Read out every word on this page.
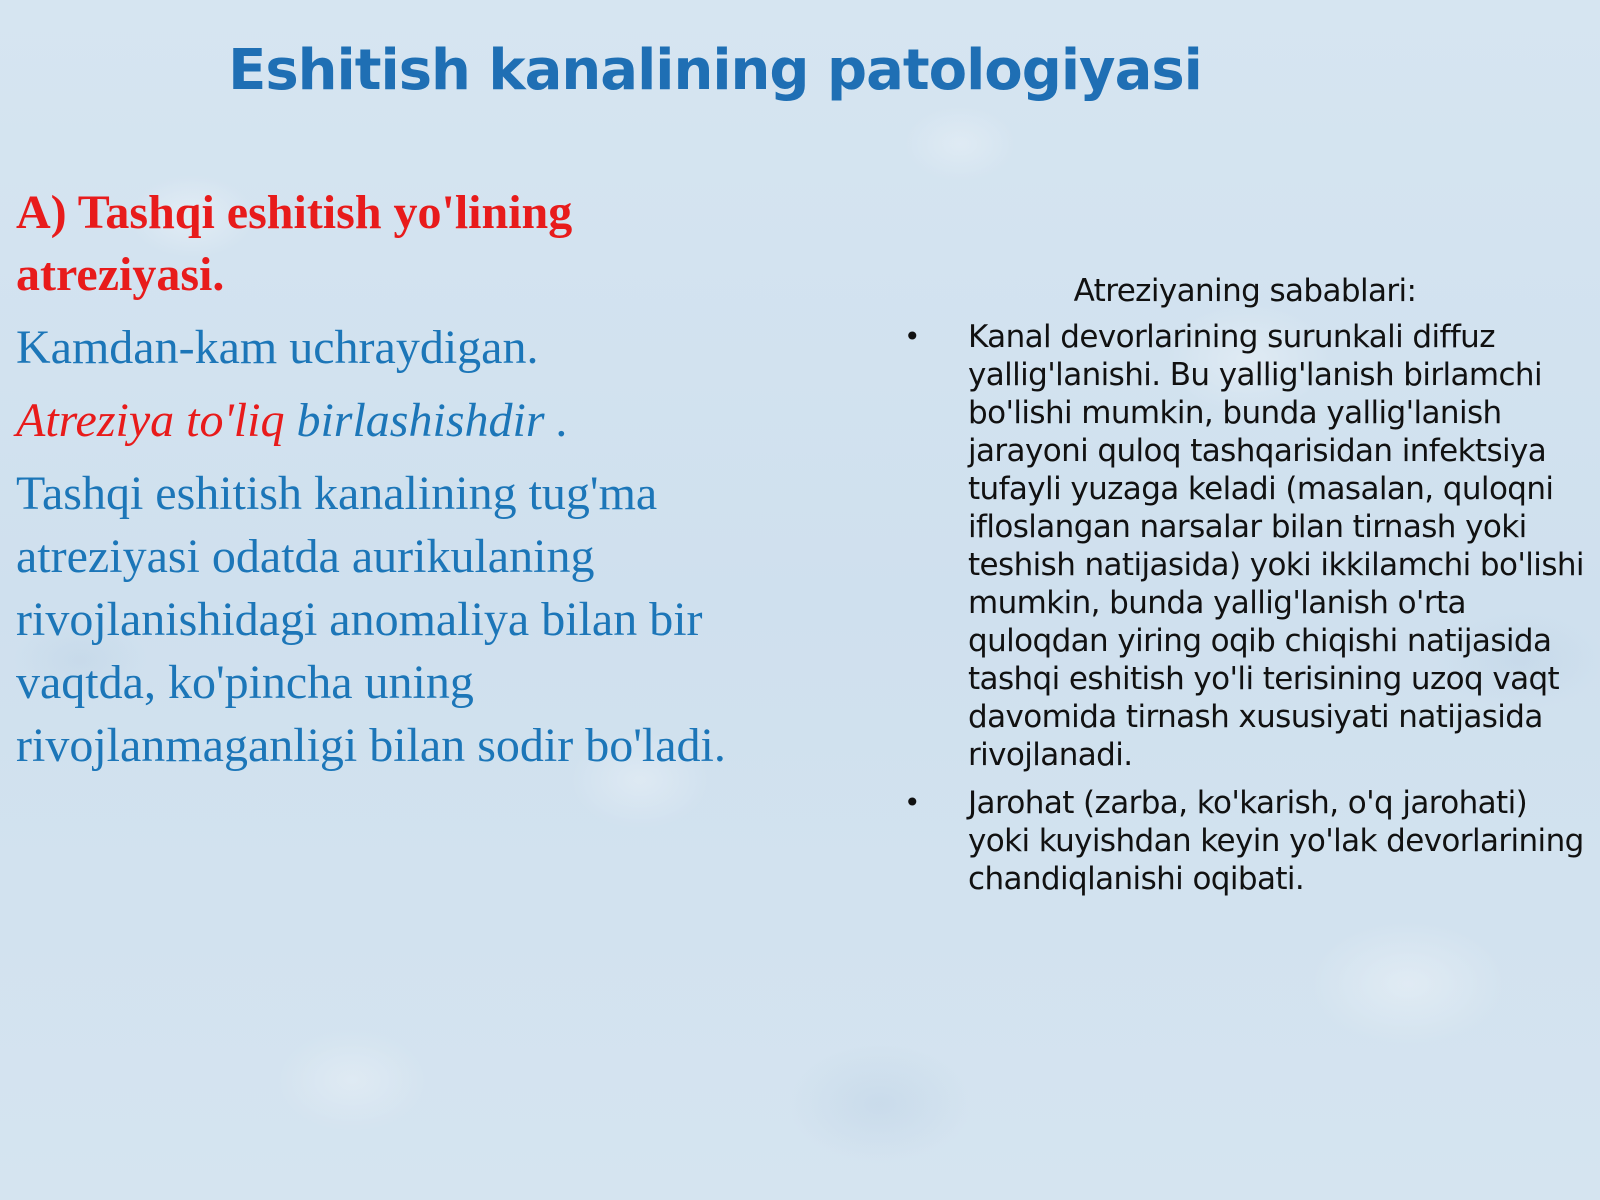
Eshitish kanalining patologiyasi

A) Tashqi eshitish yo'lining atreziyasi.

Kamdan-kam uchraydigan.

Atreziya to'liq birlashishdir .

Tashqi eshitish kanalining tug'ma atreziyasi odatda aurikulaning rivojlanishidagi anomaliya bilan bir vaqtda, ko'pincha uning rivojlanmaganligi bilan sodir bo'ladi.

Atreziyaning sabablari:

• Kanal devorlarining surunkali diffuz yallig'lanishi. Bu yallig'lanish birlamchi bo'lishi mumkin, bunda yallig'lanish jarayoni quloq tashqarisidan infektsiya tufayli yuzaga keladi (masalan, quloqni ifloslangan narsalar bilan tirnash yoki teshish natijasida) yoki ikkilamchi bo'lishi mumkin, bunda yallig'lanish o'rta quloqdan yiring oqib chiqishi natijasida tashqi eshitish yo'li terisining uzoq vaqt davomida tirnash xususiyati natijasida rivojlanadi.
• Jarohat (zarba, ko'karish, o'q jarohati) yoki kuyishdan keyin yo'lak devorlarining chandiqlanishi oqibati.
